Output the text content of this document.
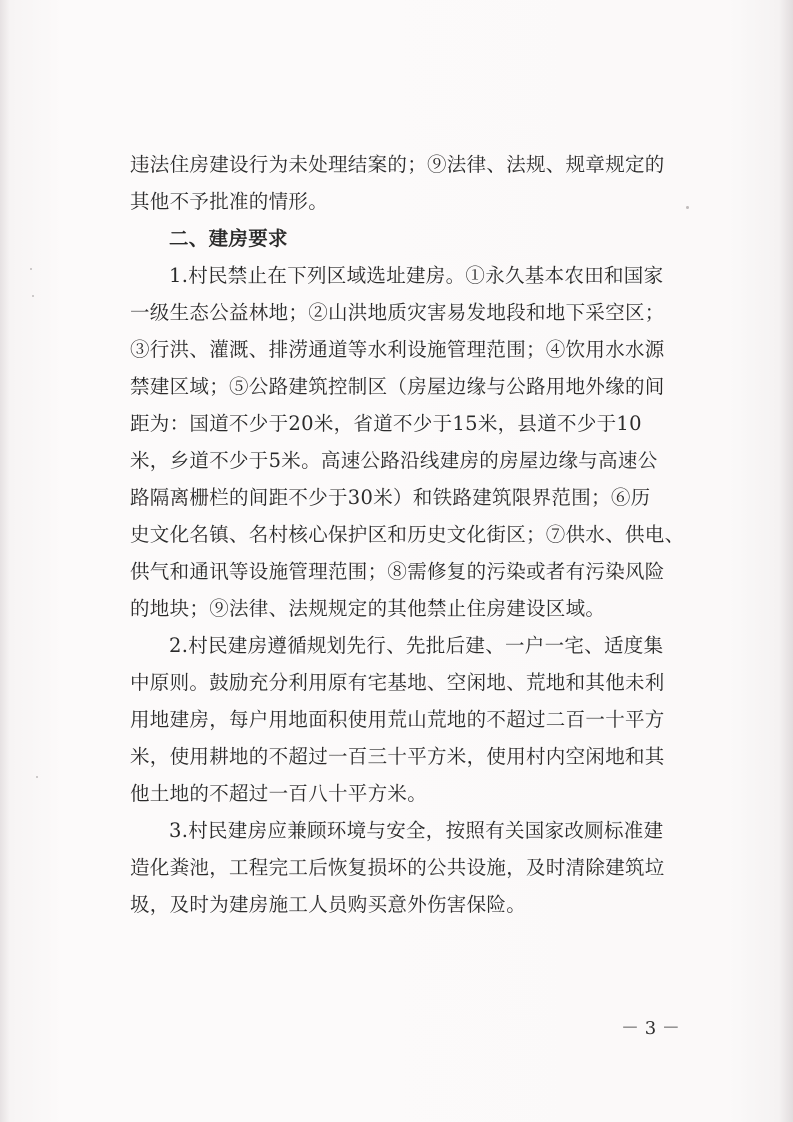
违法住房建设行为未处理结案的；⑨法律、法规、规章规定的
其他不予批准的情形。
二、建房要求
1.村民禁止在下列区域选址建房。①永久基本农田和国家
一级生态公益林地；②山洪地质灾害易发地段和地下采空区；
③行洪、灌溉、排涝通道等水利设施管理范围；④饮用水水源
禁建区域；⑤公路建筑控制区（房屋边缘与公路用地外缘的间
距为：国道不少于20米，省道不少于15米，县道不少于10
米，乡道不少于5米。高速公路沿线建房的房屋边缘与高速公
路隔离栅栏的间距不少于30米）和铁路建筑限界范围；⑥历
史文化名镇、名村核心保护区和历史文化街区；⑦供水、供电、
供气和通讯等设施管理范围；⑧需修复的污染或者有污染风险
的地块；⑨法律、法规规定的其他禁止住房建设区域。
2.村民建房遵循规划先行、先批后建、一户一宅、适度集
中原则。鼓励充分利用原有宅基地、空闲地、荒地和其他未利
用地建房，每户用地面积使用荒山荒地的不超过二百一十平方
米，使用耕地的不超过一百三十平方米，使用村内空闲地和其
他土地的不超过一百八十平方米。
3.村民建房应兼顾环境与安全，按照有关国家改厕标准建
造化粪池，工程完工后恢复损坏的公共设施，及时清除建筑垃
圾，及时为建房施工人员购买意外伤害保险。
－ 3 －
